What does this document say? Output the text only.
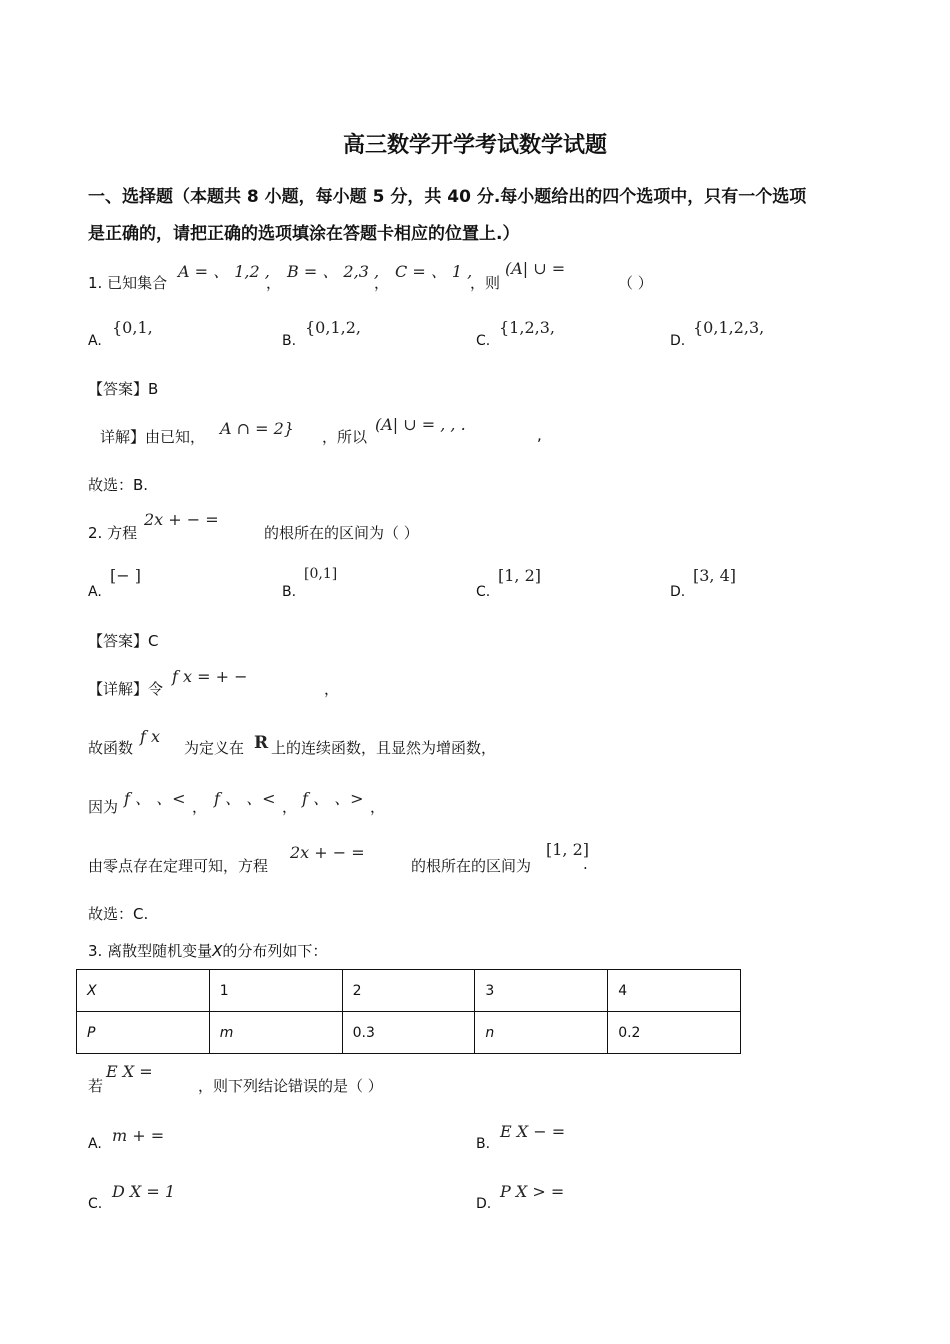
高三数学开学考试数学试题
一、选择题（本题共 8 小题，每小题 5 分，共 40 分.每小题给出的四个选项中，只有一个选项
是正确的，请把正确的选项填涂在答题卡相应的位置上.）
1. 已知集合
A = 、 1,2 ,
，
B = 、 2,3 ,
，
C = 、 1 ,
，则
(A| ∪ =
（ ）
A.
{0,1,
B.
{0,1,2,
C.
{1,2,3,
D.
{0,1,2,3,
【答案】B
详解】由已知， A ∩ = 2} ，所以
(A| ∪ = , , .
,
故选：B.
2. 方程
2x + − =
的根所在的区间为（ ）
A.
[− ]
B.
[0,1]
C.
[1, 2]
D.
[3, 4]
【答案】C
【详解】令
f x = + −
，
故函数
f x
为定义在 R 上的连续函数，且显然为增函数，
因为 f 、 、< ， f 、 、< ， f 、 、> ，
由零点存在定理可知，方程
2x + − =
的根所在的区间为
[1, 2]
.
故选：C.
3. 离散型随机变量X的分布列如下：
X	1	2	3	4
P	m	0.3	n	0.2
若
E X =
，则下列结论错误的是（ ）
A. m + =	B.
E X − =
C.
D X = 1
D.
P X > =
